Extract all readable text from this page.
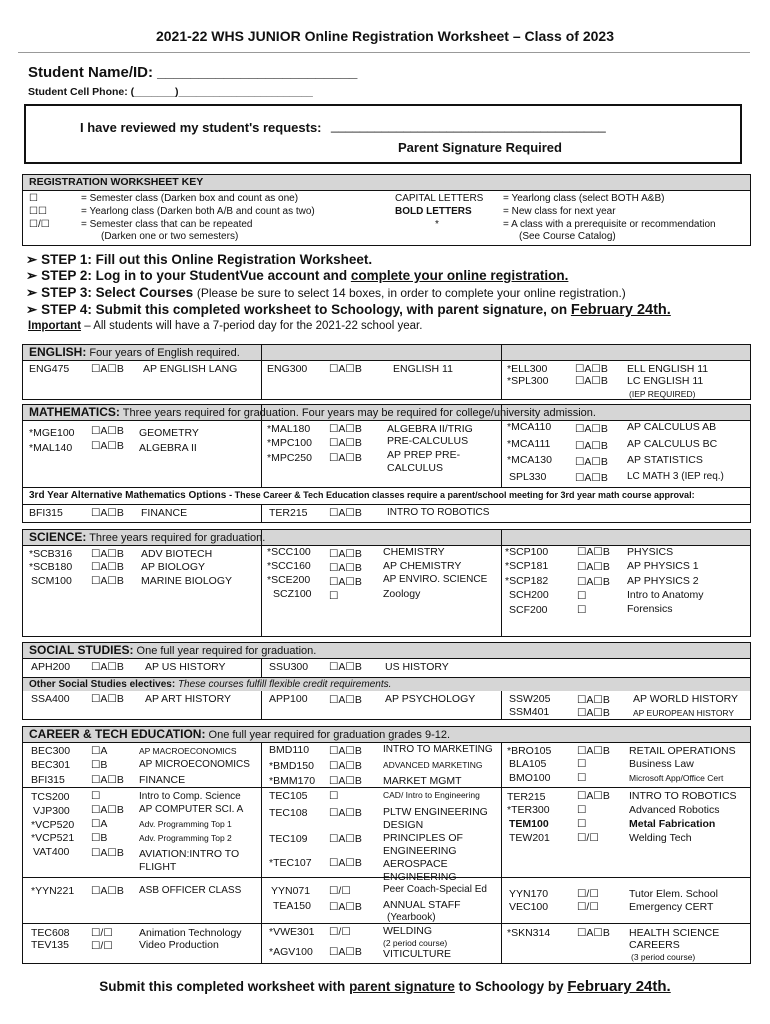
2021-22 WHS JUNIOR Online Registration Worksheet – Class of 2023
Student Name/ID: ________________________
Student Cell Phone: (_______)_______________________
I have reviewed my student's requests: ______________________________________
Parent Signature Required
REGISTRATION WORKSHEET KEY
☐	= Semester class (Darken box and count as one)	CAPITAL LETTERS = Yearlong class (select BOTH A&B)
☐☐	= Yearlong class (Darken both A/B and count as two)	BOLD LETTERS	= New class for next year
☐/☐	= Semester class that can be repeated	*	= A class with a prerequisite or recommendation
(Darken one or two semesters)	(See Course Catalog)
➢ STEP 1: Fill out this Online Registration Worksheet.
➢ STEP 2: Log in to your StudentVue account and complete your online registration.
➢ STEP 3: Select Courses (Please be sure to select 14 boxes, in order to complete your online registration.)
➢ STEP 4: Submit this completed worksheet to Schoology, with parent signature, on February 24th.
Important – All students will have a 7-period day for the 2021-22 school year.
ENGLISH: Four years of English required.
ENG475 ☐A☐B AP ENGLISH LANG	ENG300 ☐A☐B	ENGLISH 11	*ELL300	☐A☐B ELL ENGLISH 11
*SPL300	☐A☐B LC ENGLISH 11
(IEP REQUIRED)
MATHEMATICS: Three years required for graduation. Four years may be required for college/university admission.
*MGE100 ☐A☐B GEOMETRY
*MAL140 ☐A☐B ALGEBRA II
*MAL180 ☐A☐B ALGEBRA II/TRIG
*MPC100 ☐A☐B PRE-CALCULUS
*MPC250 ☐A☐B AP PREP PRE-
CALCULUS
*MCA110 ☐A☐B AP CALCULUS AB
*MCA111 ☐A☐B AP CALCULUS BC
*MCA130 ☐A☐B AP STATISTICS
SPL330	☐A☐B LC MATH 3 (IEP req.)
3rd Year Alternative Mathematics Options - These Career & Tech Education classes require a parent/school meeting for 3rd year math course approval:
BFI315	☐A☐B FINANCE	TER215 ☐A☐B	INTRO TO ROBOTICS
SCIENCE: Three years required for graduation.
*SCB316 ☐A☐B ADV BIOTECH
*SCB180 ☐A☐B AP BIOLOGY
SCM100 ☐A☐B MARINE BIOLOGY
*SCC100 ☐A☐B CHEMISTRY
*SCC160 ☐A☐B AP CHEMISTRY
*SCE200 ☐A☐B AP ENVIRO. SCIENCE
SCZ100 ☐	Zoology
*SCP100	☐A☐B PHYSICS
*SCP181	☐A☐B AP PHYSICS 1
*SCP182	☐A☐B AP PHYSICS 2
SCH200	☐	Intro to Anatomy
SCF200	☐	Forensics
SOCIAL STUDIES: One full year required for graduation.
APH200 ☐A☐B AP US HISTORY	SSU300 ☐A☐B US HISTORY
Other Social Studies electives: These courses fulfill flexible credit requirements.
SSA400 ☐A☐B AP ART HISTORY	APP100 ☐A☐B AP PSYCHOLOGY	SSW205	☐A☐B AP WORLD HISTORY
SSM401	☐A☐B	AP EUROPEAN HISTORY
CAREER & TECH EDUCATION: One full year required for graduation grades 9-12.
BEC300 ☐A	AP MACROECONOMICS
BEC301 ☐B	AP MICROECONOMICS
BFI315 ☐A☐B FINANCE
BMD110 ☐A☐B INTRO TO MARKETING
*BMD150 ☐A☐B ADVANCED MARKETING
*BMM170 ☐A☐B MARKET MGMT
*BRO105 ☐A☐B RETAIL OPERATIONS
BLA105	☐	Business Law
BMO100	☐	Microsoft App/Office Cert
TCS200 ☐	Intro to Comp. Science
VJP300 ☐A☐B AP COMPUTER SCI. A
*VCP520 ☐A	Adv. Programming Top 1
*VCP521 ☐B	Adv. Programming Top 2
VAT400 ☐A☐B AVIATION:INTRO TO
FLIGHT
TEC105 ☐	CAD/ Intro to Engineering
TEC108 ☐A☐B PLTW ENGINEERING
DESIGN
TEC109 ☐A☐B PRINCIPLES OF
ENGINEERING
*TEC107 ☐A☐B AEROSPACE
ENGINEERING
TER215	☐A☐B INTRO TO ROBOTICS
*TER300	☐	Advanced Robotics
TEM100	☐	Metal Fabrication
TEW201	☐/☐	Welding Tech
*YYN221 ☐A☐B ASB OFFICER CLASS	YYN071 ☐/☐	Peer Coach-Special Ed
TEA150 ☐A☐B ANNUAL STAFF
(Yearbook)
YYN170	☐/☐	Tutor Elem. School
VEC100	☐/☐	Emergency CERT
TEC608 ☐/☐	Animation Technology
TEV135 ☐/☐	Video Production
*VWE301 ☐/☐	WELDING
(2 period course)
*AGV100 ☐A☐B VITICULTURE
*SKN314	☐A☐B HEALTH SCIENCE
CAREERS
(3 period course)
Submit this completed worksheet with parent signature to Schoology by February 24th.
